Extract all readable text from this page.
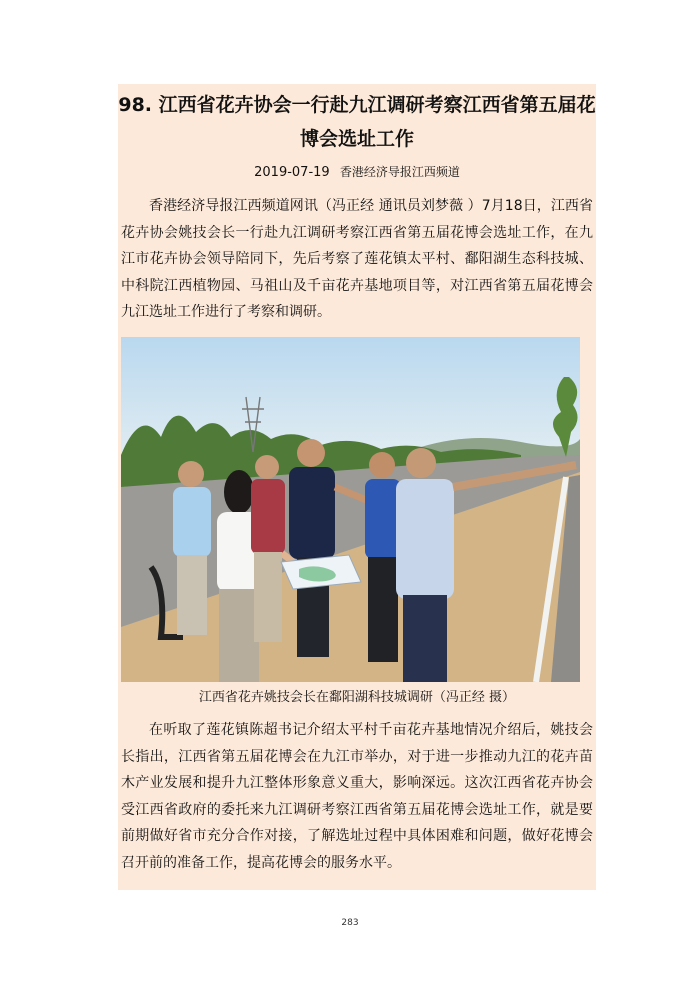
98. 江西省花卉协会一行赴九江调研考察江西省第五届花博会选址工作
2019-07-19 香港经济导报江西频道

香港经济导报江西频道网讯（冯正经 通讯员刘梦薇 ）7月18日，江西省花卉协会姚技会长一行赴九江调研考察江西省第五届花博会选址工作，在九江市花卉协会领导陪同下，先后考察了莲花镇太平村、鄱阳湖生态科技城、中科院江西植物园、马祖山及千亩花卉基地项目等，对江西省第五届花博会九江选址工作进行了考察和调研。

江西省花卉姚技会长在鄱阳湖科技城调研（冯正经 摄）

在听取了莲花镇陈超书记介绍太平村千亩花卉基地情况介绍后，姚技会长指出，江西省第五届花博会在九江市举办，对于进一步推动九江的花卉苗木产业发展和提升九江整体形象意义重大，影响深远。这次江西省花卉协会受江西省政府的委托来九江调研考察江西省第五届花博会选址工作，就是要前期做好省市充分合作对接，了解选址过程中具体困难和问题，做好花博会召开前的准备工作，提高花博会的服务水平。

283
